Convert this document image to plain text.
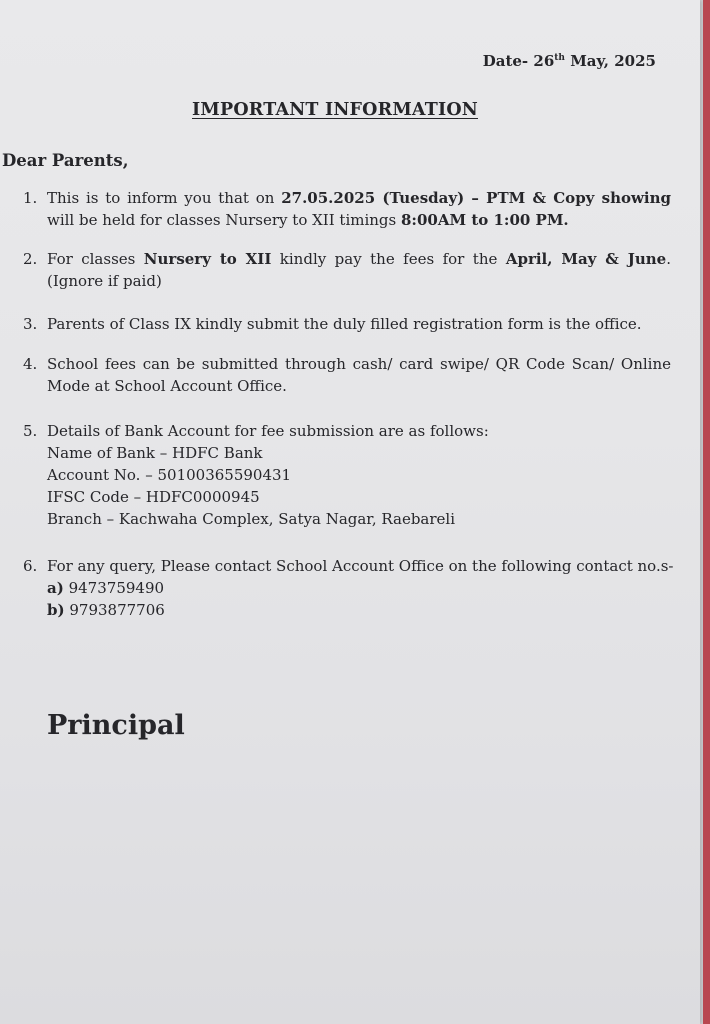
Date- 26th May, 2025
IMPORTANT INFORMATION
Dear Parents,
1. This is to inform you that on 27.05.2025 (Tuesday) – PTM & Copy showing will be held for classes Nursery to XII timings 8:00AM to 1:00 PM.
2. For classes Nursery to XII kindly pay the fees for the April, May & June. (Ignore if paid)
3. Parents of Class IX kindly submit the duly filled registration form is the office.
4. School fees can be submitted through cash/ card swipe/ QR Code Scan/ Online Mode at School Account Office.
5. Details of Bank Account for fee submission are as follows:
Name of Bank – HDFC Bank
Account No. – 50100365590431
IFSC Code – HDFC0000945
Branch – Kachwaha Complex, Satya Nagar, Raebareli
6. For any query, Please contact School Account Office on the following contact no.s-
a) 9473759490
b) 9793877706
Principal
